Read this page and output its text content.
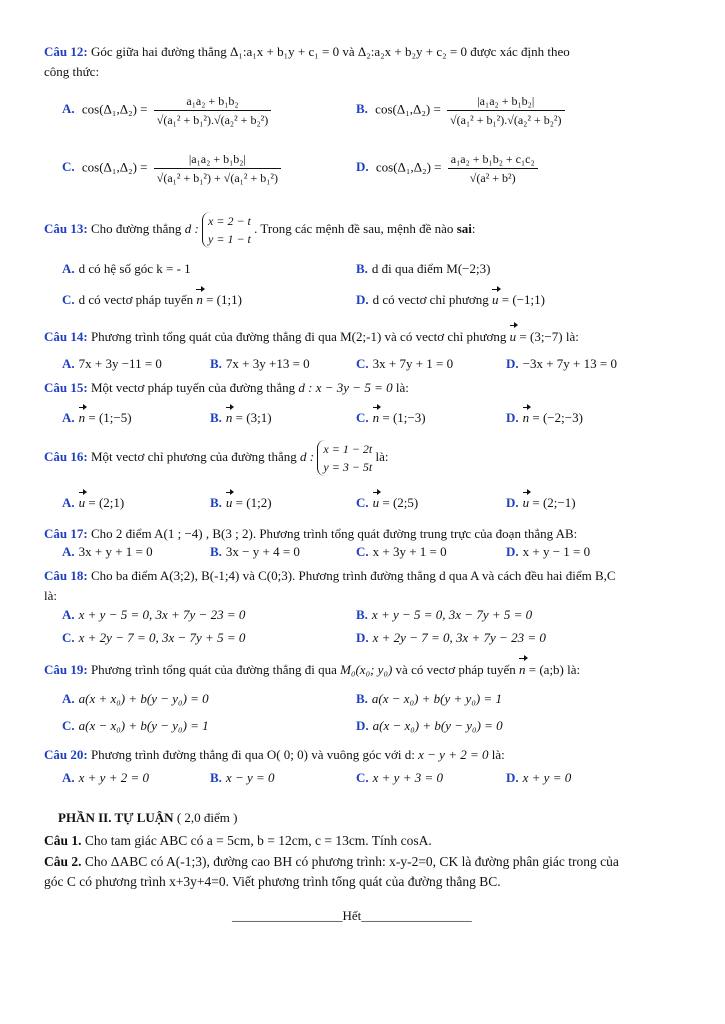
Câu 12: Góc giữa hai đường thẳng Δ₁:a₁x + b₁y + c₁ = 0 và Δ₂:a₂x + b₂y + c₂ = 0 được xác định theo
công thức:
A. $\cos(\Delta_1,\Delta_2) = \frac{\text{a₁a₂ + b₁b₂}}{\text{√(a₁² + b₁²).√(a₂² + b₂²)}}$	B. $\cos(\Delta_1,\Delta_2) = \frac{\text{|a₁a₂ + b₁b₂|}}{\text{√(a₁² + b₁²).√(a₂² + b₂²)}}$
C. $\cos(\Delta_1,\Delta_2) = \frac{\text{|a₁a₂ + b₁b₂|}}{\text{√(a₁² + b₁²) + √(a₁² + b₁²)}}$	D. $\cos(\Delta_1,\Delta_2) = \frac{\text{a₁a₂ + b₁b₂ + c₁c₂}}{\text{√(a² + b²)}}$
Câu 13: Cho đường thẳng d : x = 2 − t
y = 1 − t . Trong các mệnh đề sau, mệnh đề nào sai:
A. d có hệ số góc k = - 1	B. d đi qua điểm M(−2;3)
C. d có vectơ pháp tuyến n = (1;1)	D. d có vectơ chỉ phương u = (−1;1)
Câu 14: Phương trình tổng quát của đường thẳng đi qua M(2;-1) và có vectơ chỉ phương u = (3;−7) là:
A. 7x + 3y −11 = 0	B. 7x + 3y +13 = 0	C. 3x + 7y + 1 = 0	D. −3x + 7y + 13 = 0
Câu 15: Một vectơ pháp tuyến của đường thẳng d : x − 3y − 5 = 0 là:
A. n = (1;−5)	B. n = (3;1)	C. n = (1;−3)	D. n = (−2;−3)
Câu 16: Một vectơ chỉ phương của đường thẳng d : x = 1 − 2t
y = 3 − 5t là:
A. u = (2;1)	B. u = (1;2)	C. u = (2;5)	D. u = (2;−1)
Câu 17: Cho 2 điểm A(1 ; −4) , B(3 ; 2). Phương trình tổng quát đường trung trực của đoạn thẳng AB:
A. 3x + y + 1 = 0	B. 3x − y + 4 = 0	C. x + 3y + 1 = 0	D. x + y − 1 = 0
Câu 18: Cho ba điểm A(3;2), B(-1;4) và C(0;3). Phương trình đường thẳng d qua A và cách đều hai điểm B,C
là:
A. x + y − 5 = 0, 3x + 7y − 23 = 0	B. x + y − 5 = 0, 3x − 7y + 5 = 0
C. x + 2y − 7 = 0, 3x − 7y + 5 = 0	D. x + 2y − 7 = 0, 3x + 7y − 23 = 0
Câu 19: Phương trình tổng quát của đường thẳng đi qua M₀(x₀; y₀) và có vectơ pháp tuyến n = (a;b) là:
A. a(x + x₀) + b(y − y₀) = 0	B. a(x − x₀) + b(y + y₀) = 1
C. a(x − x₀) + b(y − y₀) = 1	D. a(x − x₀) + b(y − y₀) = 0
Câu 20: Phương trình đường thẳng đi qua O( 0; 0) và vuông góc với d: x − y + 2 = 0 là:
A. x + y + 2 = 0	B. x − y = 0	C. x + y + 3 = 0	D. x + y = 0
PHẦN II. TỰ LUẬN ( 2,0 điểm )
Câu 1. Cho tam giác ABC có a = 5cm, b = 12cm, c = 13cm. Tính cosA.
Câu 2. Cho ΔABC có A(-1;3), đường cao BH có phương trình: x-y-2=0, CK là đường phân giác trong của
góc C có phương trình x+3y+4=0. Viết phương trình tổng quát của đường thẳng BC.
_________________Hết_________________
